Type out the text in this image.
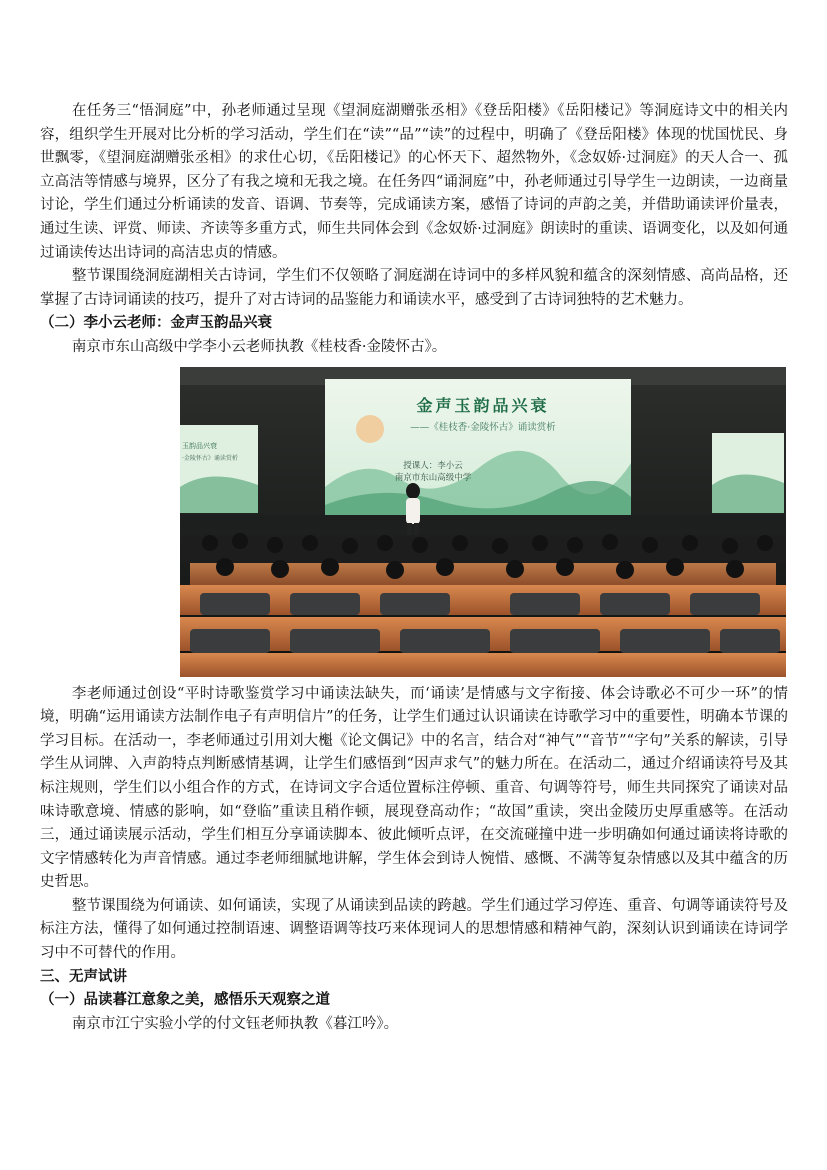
在任务三“悟洞庭”中，孙老师通过呈现《望洞庭湖赠张丞相》《登岳阳楼》《岳阳楼记》等洞庭诗文中的相关内容，组织学生开展对比分析的学习活动，学生们在“读”“品”“读”的过程中，明确了《登岳阳楼》体现的忧国忧民、身世飘零，《望洞庭湖赠张丞相》的求仕心切，《岳阳楼记》的心怀天下、超然物外，《念奴娇·过洞庭》的天人合一、孤立高洁等情感与境界，区分了有我之境和无我之境。在任务四“诵洞庭”中，孙老师通过引导学生一边朗读，一边商量讨论，学生们通过分析诵读的发音、语调、节奏等，完成诵读方案，感悟了诗词的声韵之美，并借助诵读评价量表，通过生读、评赏、师读、齐读等多重方式，师生共同体会到《念奴娇·过洞庭》朗读时的重读、语调变化，以及如何通过诵读传达出诗词的高洁忠贞的情感。

整节课围绕洞庭湖相关古诗词，学生们不仅领略了洞庭湖在诗词中的多样风貌和蕴含的深刻情感、高尚品格，还掌握了古诗词诵读的技巧，提升了对古诗词的品鉴能力和诵读水平，感受到了古诗词独特的艺术魅力。

（二）李小云老师：金声玉韵品兴衰

南京市东山高级中学李小云老师执教《桂枝香·金陵怀古》。

金声玉韵品兴衰
——《桂枝香·金陵怀古》诵读赏析
授课人：李小云
南京市东山高级中学
玉韵品兴衰
·金陵怀古》诵读赏析

李老师通过创设“平时诗歌鉴赏学习中诵读法缺失，而‘诵读’是情感与文字衔接、体会诗歌必不可少一环”的情境，明确“运用诵读方法制作电子有声明信片”的任务，让学生们通过认识诵读在诗歌学习中的重要性，明确本节课的学习目标。在活动一，李老师通过引用刘大櫆《论文偶记》中的名言，结合对“神气”“音节”“字句”关系的解读，引导学生从词牌、入声韵特点判断感情基调，让学生们感悟到“因声求气”的魅力所在。在活动二，通过介绍诵读符号及其标注规则，学生们以小组合作的方式，在诗词文字合适位置标注停顿、重音、句调等符号，师生共同探究了诵读对品味诗歌意境、情感的影响，如“登临”重读且稍作顿，展现登高动作；“故国”重读，突出金陵历史厚重感等。在活动三，通过诵读展示活动，学生们相互分享诵读脚本、彼此倾听点评，在交流碰撞中进一步明确如何通过诵读将诗歌的文字情感转化为声音情感。通过李老师细腻地讲解，学生体会到诗人惋惜、感慨、不满等复杂情感以及其中蕴含的历史哲思。

整节课围绕为何诵读、如何诵读，实现了从诵读到品读的跨越。学生们通过学习停连、重音、句调等诵读符号及标注方法，懂得了如何通过控制语速、调整语调等技巧来体现词人的思想情感和精神气韵，深刻认识到诵读在诗词学习中不可替代的作用。

三、无声试讲
（一）品读暮江意象之美，感悟乐天观察之道

南京市江宁实验小学的付文钰老师执教《暮江吟》。
